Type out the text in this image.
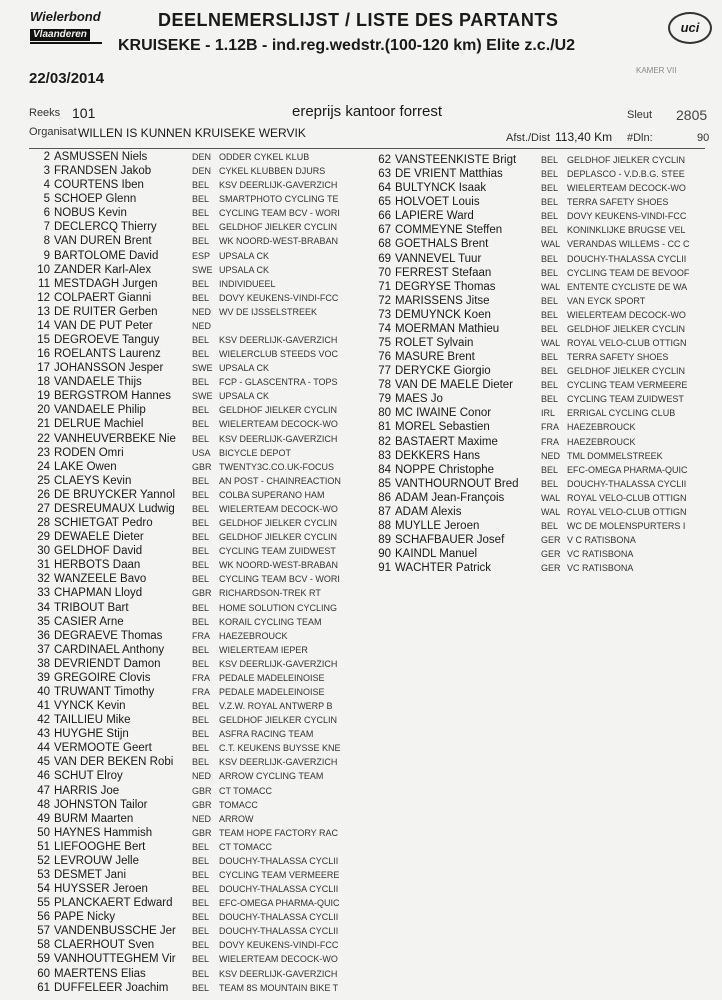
Wielerbond
Vlaanderen	uci
DEELNEMERSLIJST / LISTE DES PARTANTS
KRUISEKE - 1.12B - ind.reg.wedstr.(100-120 km) Elite z.c./U2
22/03/2014	KAMER VII
Reeks 101	ereprijs kantoor forrest	Sleut 2805
Organisat WILLEN IS KUNNEN KRUISEKE WERVIK	Afst./Dist 113,40 Km #Dln:	90
2 ASMUSSEN Niels	DEN ODDER CYKEL KLUB
3 FRANDSEN Jakob	DEN CYKEL KLUBBEN DJURS
4 COURTENS Iben	BEL	KSV DEERLIJK-GAVERZICH
5 SCHOEP Glenn	BEL	SMARTPHOTO CYCLING TE
6 NOBUS Kevin	BEL	CYCLING TEAM BCV - WORI
7 DECLERCQ Thierry	BEL	GELDHOF JIELKER CYCLIN
8 VAN DUREN Brent	BEL	WK NOORD-WEST-BRABAN
9 BARTOLOME David	ESP UPSALA CK
10 ZANDER Karl-Alex	SWE UPSALA CK
11 MESTDAGH Jurgen	BEL	INDIVIDUEEL
12 COLPAERT Gianni	BEL	DOVY KEUKENS-VINDI-FCC
13 DE RUITER Gerben	NED WV DE IJSSELSTREEK
14 VAN DE PUT Peter	NED
15 DEGROEVE Tanguy	BEL	KSV DEERLIJK-GAVERZICH
16 ROELANTS Laurenz	BEL	WIELERCLUB STEEDS VOC
17 JOHANSSON Jesper	SWE UPSALA CK
18 VANDAELE Thijs	BEL	FCP - GLASCENTRA - TOPS
19 BERGSTROM Hannes	SWE UPSALA CK
20 VANDAELE Philip	BEL	GELDHOF JIELKER CYCLIN
21 DELRUE Machiel	BEL	WIELERTEAM DECOCK-WO
22 VANHEUVERBEKE Nie	BEL	KSV DEERLIJK-GAVERZICH
23 RODEN Omri	USA BICYCLE DEPOT
24 LAKE Owen	GBR TWENTY3C.CO.UK-FOCUS
25 CLAEYS Kevin	BEL	AN POST - CHAINREACTION
26 DE BRUYCKER Yannol	BEL	COLBA SUPERANO HAM
27 DESREUMAUX Ludwig	BEL	WIELERTEAM DECOCK-WO
28 SCHIETGAT Pedro	BEL	GELDHOF JIELKER CYCLIN
29 DEWAELE Dieter	BEL	GELDHOF JIELKER CYCLIN
30 GELDHOF David	BEL	CYCLING TEAM ZUIDWEST
31 HERBOTS Daan	BEL	WK NOORD-WEST-BRABAN
32 WANZEELE Bavo	BEL	CYCLING TEAM BCV - WORI
33 CHAPMAN Lloyd	GBR RICHARDSON-TREK RT
34 TRIBOUT Bart	BEL	HOME SOLUTION CYCLING
35 CASIER Arne	BEL	KORAIL CYCLING TEAM
36 DEGRAEVE Thomas	FRA	HAEZEBROUCK
37 CARDINAEL Anthony	BEL	WIELERTEAM IEPER
38 DEVRIENDT Damon	BEL	KSV DEERLIJK-GAVERZICH
39 GREGOIRE Clovis	FRA	PEDALE MADELEINOISE
40 TRUWANT Timothy	FRA	PEDALE MADELEINOISE
41 VYNCK Kevin	BEL	V.Z.W. ROYAL ANTWERP B
42 TAILLIEU Mike	BEL	GELDHOF JIELKER CYCLIN
43 HUYGHE Stijn	BEL	ASFRA RACING TEAM
44 VERMOOTE Geert	BEL	C.T. KEUKENS BUYSSE KNE
45 VAN DER BEKEN Robi	BEL	KSV DEERLIJK-GAVERZICH
46 SCHUT Elroy	NED ARROW CYCLING TEAM
47 HARRIS Joe	GBR CT TOMACC
48 JOHNSTON Tailor	GBR TOMACC
49 BURM Maarten	NED ARROW
50 HAYNES Hammish	GBR TEAM HOPE FACTORY RAC
51 LIEFOOGHE Bert	BEL	CT TOMACC
52 LEVROUW Jelle	BEL	DOUCHY-THALASSA CYCLII
53 DESMET Jani	BEL	CYCLING TEAM VERMEERE
54 HUYSSER Jeroen	BEL	DOUCHY-THALASSA CYCLII
55 PLANCKAERT Edward	BEL	EFC-OMEGA PHARMA-QUIC
56 PAPE Nicky	BEL	DOUCHY-THALASSA CYCLII
57 VANDENBUSSCHE Jer	BEL	DOUCHY-THALASSA CYCLII
58 CLAERHOUT Sven	BEL	DOVY KEUKENS-VINDI-FCC
59 VANHOUTTEGHEM Vir	BEL	WIELERTEAM DECOCK-WO
60 MAERTENS Elias	BEL	KSV DEERLIJK-GAVERZICH
61 DUFFELEER Joachim	BEL	TEAM 8S MOUNTAIN BIKE T
62 VANSTEENKISTE Brigt	BEL GELDHOF JIELKER CYCLIN
63 DE VRIENT Matthias	BEL DEPLASCO - V.D.B.G. STEE
64 BULTYNCK Isaak	BEL WIELERTEAM DECOCK-WO
65 HOLVOET Louis	BEL TERRA SAFETY SHOES
66 LAPIERE Ward	BEL DOVY KEUKENS-VINDI-FCC
67 COMMEYNE Steffen	BEL KONINKLIJKE BRUGSE VEL
68 GOETHALS Brent	WAL VERANDAS WILLEMS - CC C
69 VANNEVEL Tuur	BEL DOUCHY-THALASSA CYCLII
70 FERREST Stefaan	BEL CYCLING TEAM DE BEVOOF
71 DEGRYSE Thomas	WAL ENTENTE CYCLISTE DE WA
72 MARISSENS Jitse	BEL VAN EYCK SPORT
73 DEMUYNCK Koen	BEL WIELERTEAM DECOCK-WO
74 MOERMAN Mathieu	BEL GELDHOF JIELKER CYCLIN
75 ROLET Sylvain	WAL ROYAL VELO-CLUB OTTIGN
76 MASURE Brent	BEL TERRA SAFETY SHOES
77 DERYCKE Giorgio	BEL GELDHOF JIELKER CYCLIN
78 VAN DE MAELE Dieter	BEL CYCLING TEAM VERMEERE
79 MAES Jo	BEL CYCLING TEAM ZUIDWEST
80 MC IWAINE Conor	IRL	ERRIGAL CYCLING CLUB
81 MOREL Sebastien	FRA HAEZEBROUCK
82 BASTAERT Maxime	FRA HAEZEBROUCK
83 DEKKERS Hans	NED TML DOMMELSTREEK
84 NOPPE Christophe	BEL EFC-OMEGA PHARMA-QUIC
85 VANTHOURNOUT Bred	BEL DOUCHY-THALASSA CYCLII
86 ADAM Jean-François	WAL ROYAL VELO-CLUB OTTIGN
87 ADAM Alexis	WAL ROYAL VELO-CLUB OTTIGN
88 MUYLLE Jeroen	BEL WC DE MOLENSPURTERS I
89 SCHAFBAUER Josef	GER V C RATISBONA
90 KAINDL Manuel	GER VC RATISBONA
91 WACHTER Patrick	GER VC RATISBONA
